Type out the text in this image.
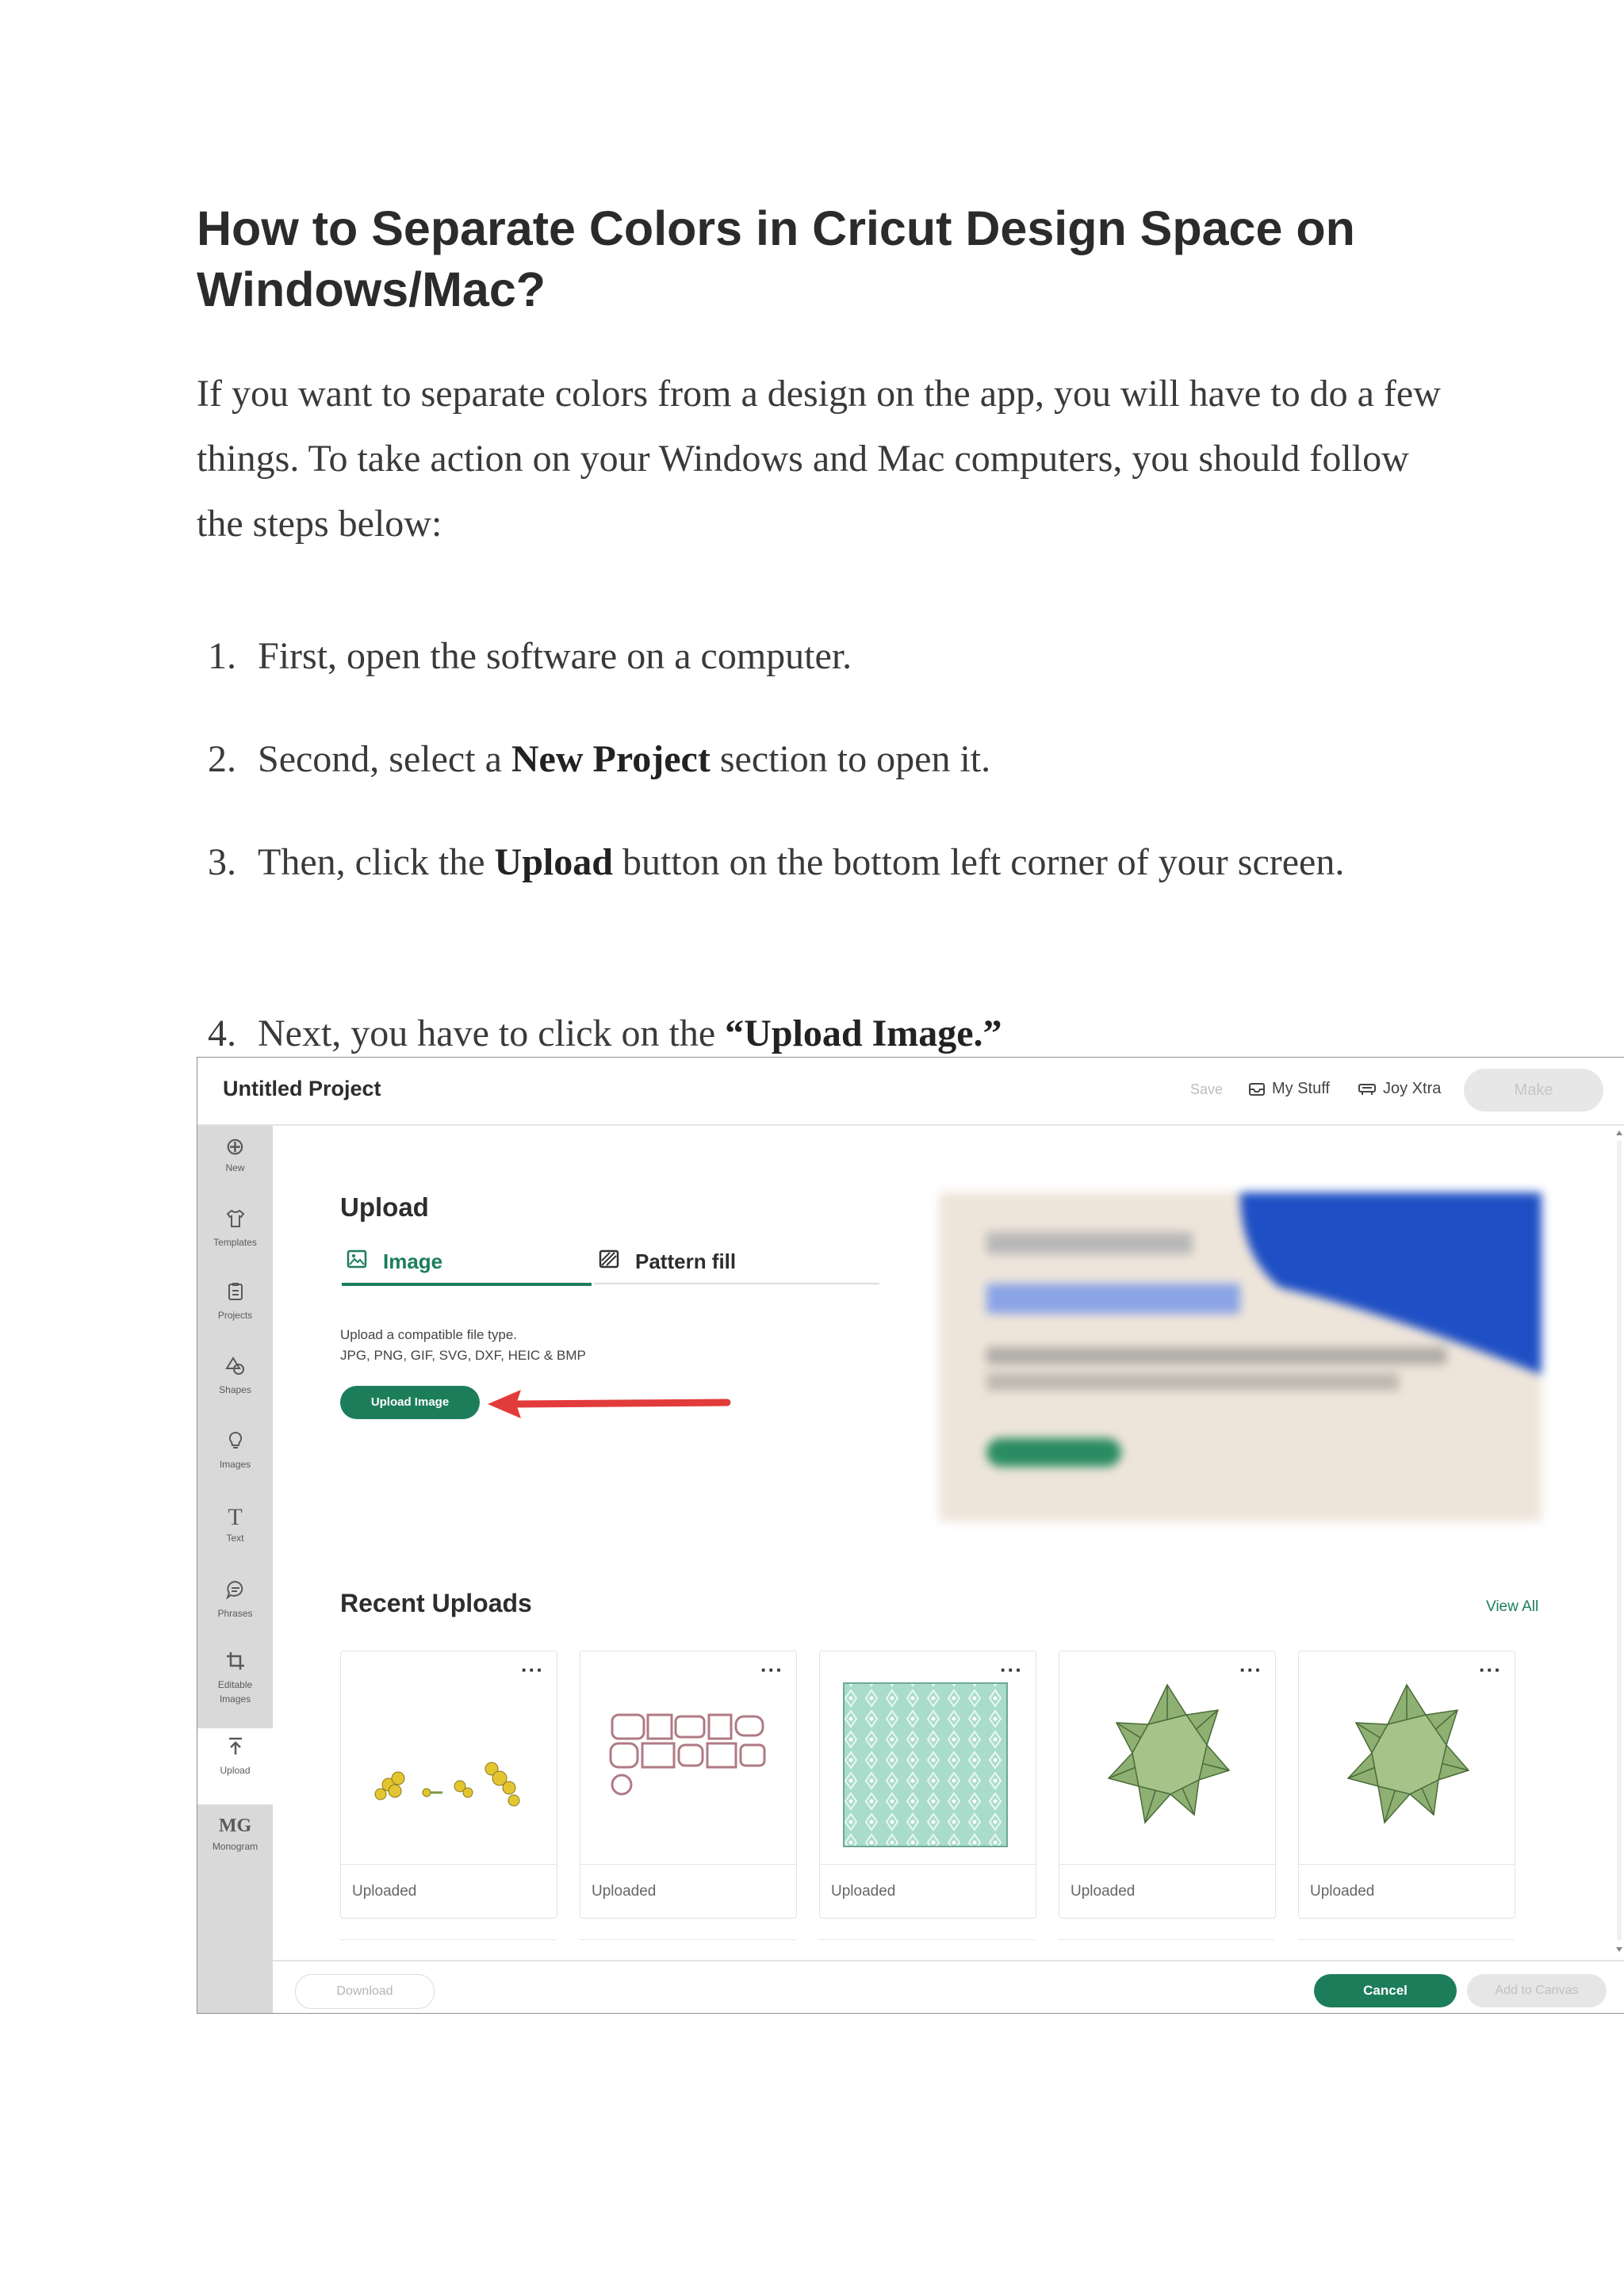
How to Separate Colors in Cricut Design Space on Windows/Mac?

If you want to separate colors from a design on the app, you will have to do a few things. To take action on your Windows and Mac computers, you should follow the steps below:

1. First, open the software on a computer.
2. Second, select a New Project section to open it.
3. Then, click the Upload button on the bottom left corner of your screen.
4. Next, you have to click on the “Upload Image.”
Untitled Project	Save	My Stuff	Joy Xtra	Make
⊕
New
Templates
Projects
Shapes
Images
T
Text
Phrases
Editable Images
Upload
MG
Monogram
Upload
Image	Pattern fill
Upload a compatible file type.
JPG, PNG, GIF, SVG, DXF, HEIC & BMP
Upload Image
Recent Uploads	View All
···
Uploaded
···
Uploaded
···
Uploaded
···
Uploaded
···
Uploaded
Download	Cancel	Add to Canvas
